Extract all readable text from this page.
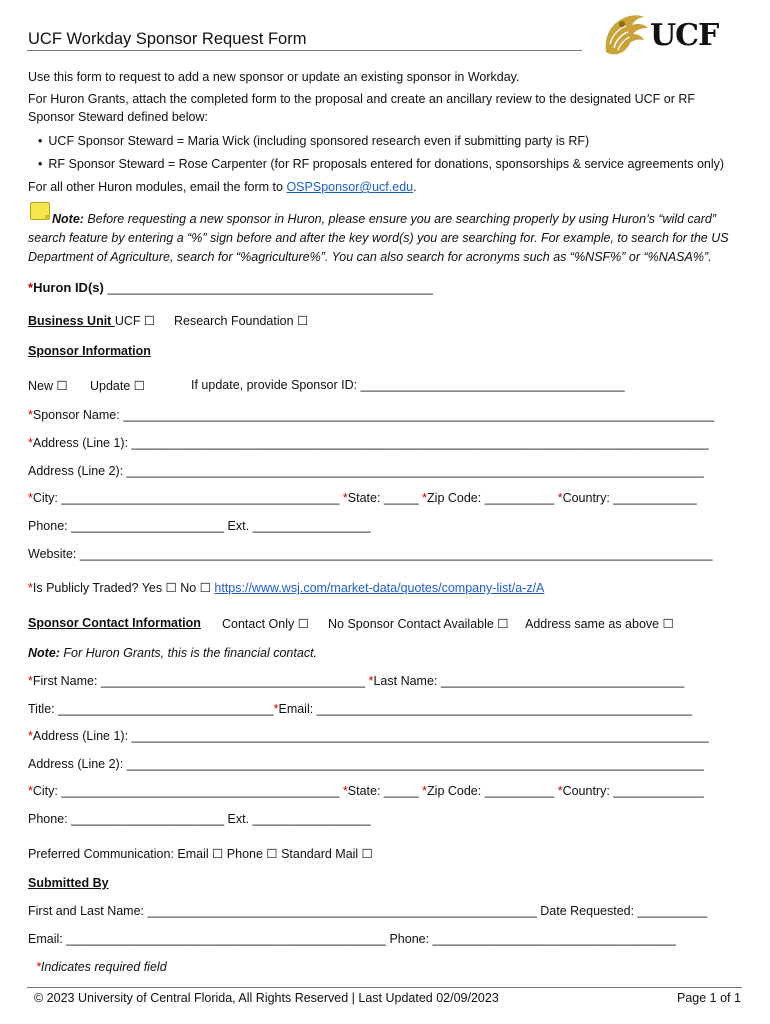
UCF Workday Sponsor Request Form	UCF
Use this form to request to add a new sponsor or update an existing sponsor in Workday.
For Huron Grants, attach the completed form to the proposal and create an ancillary review to the designated UCF or RF
Sponsor Steward defined below:
• UCF Sponsor Steward = Maria Wick (including sponsored research even if submitting party is RF)
• RF Sponsor Steward = Rose Carpenter (for RF proposals entered for donations, sponsorships & service agreements only)
For all other Huron modules, email the form to OSPSponsor@ucf.edu.
Note: Before requesting a new sponsor in Huron, please ensure you are searching properly by using Huron’s “wild card”
search feature by entering a “%” sign before and after the key word(s) you are searching for. For example, to search for the US
Department of Agriculture, search for “%agriculture%”. You can also search for acronyms such as “%NSF%” or “%NASA%”.
*Huron ID(s) _____________________________________________
Business Unit UCF ☐ Research Foundation ☐
Sponsor Information
New ☐ Update ☐	If update, provide Sponsor ID: ______________________________________
*Sponsor Name: _____________________________________________________________________________________
*Address (Line 1): ___________________________________________________________________________________
Address (Line 2): ___________________________________________________________________________________
*City: ________________________________________ *State: _____ *Zip Code: __________ *Country: ____________
Phone: ______________________ Ext. _________________
Website: ___________________________________________________________________________________________
*Is Publicly Traded? Yes ☐ No ☐ https://www.wsj.com/market-data/quotes/company-list/a-z/A
Sponsor Contact Information Contact Only ☐ No Sponsor Contact Available ☐ Address same as above ☐
Note: For Huron Grants, this is the financial contact.
*First Name: ______________________________________ *Last Name: ___________________________________
Title: _______________________________*Email: ______________________________________________________
*Address (Line 1): ___________________________________________________________________________________
Address (Line 2): ___________________________________________________________________________________
*City: ________________________________________ *State: _____ *Zip Code: __________ *Country: _____________
Phone: ______________________ Ext. _________________
Preferred Communication: Email ☐ Phone ☐ Standard Mail ☐
Submitted By
First and Last Name: ________________________________________________________ Date Requested: __________
Email: ______________________________________________ Phone: ___________________________________
*Indicates required field
© 2023 University of Central Florida, All Rights Reserved | Last Updated 02/09/2023	Page 1 of 1
